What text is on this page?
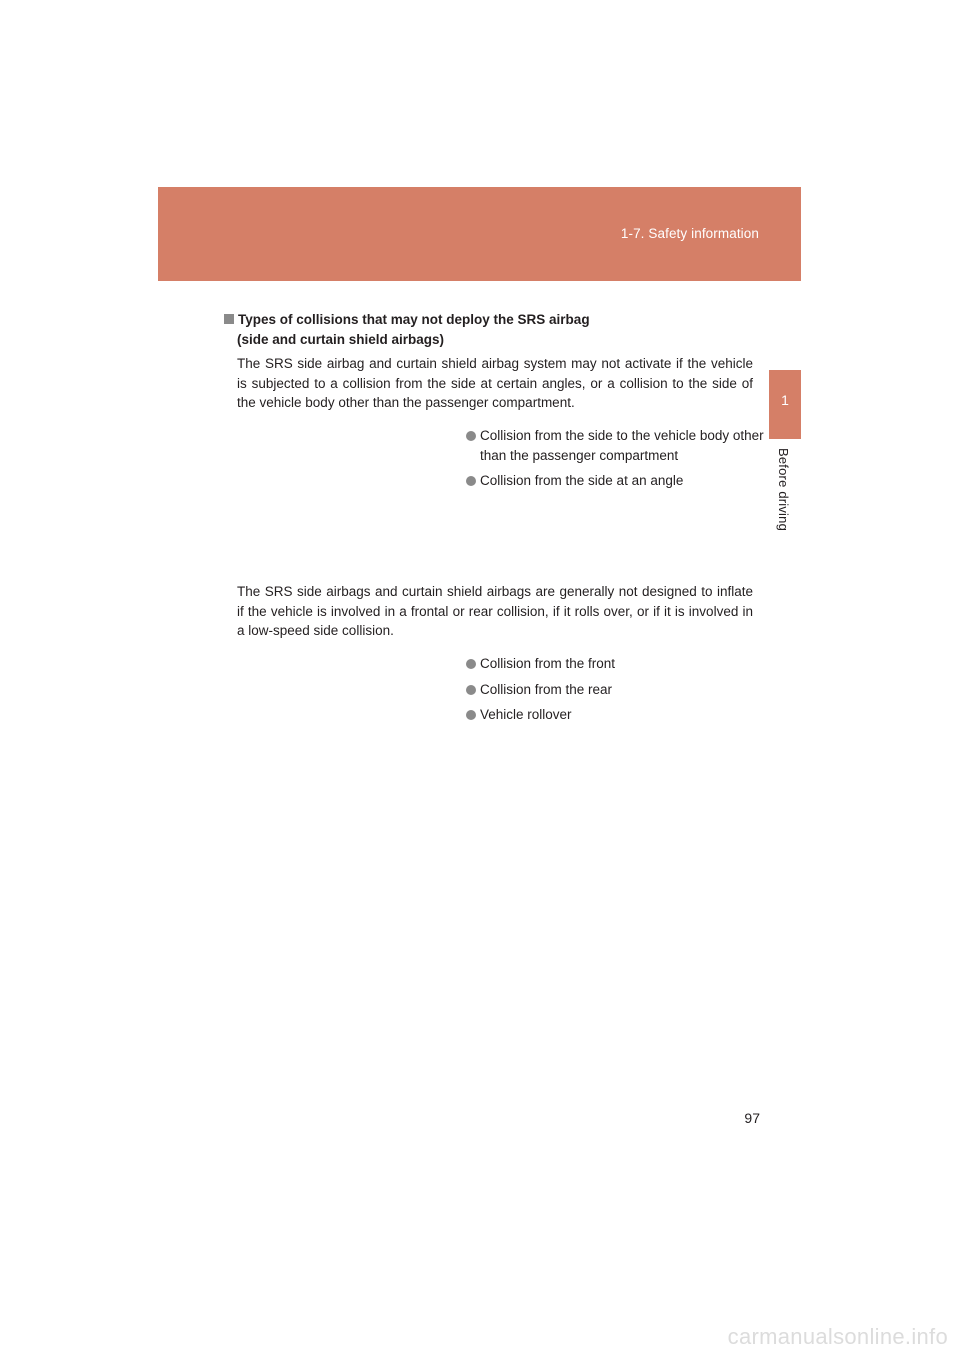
1-7. Safety information
1
Before driving
Types of collisions that may not deploy the SRS airbag
(side and curtain shield airbags)

The SRS side airbag and curtain shield airbag system may not activate if the vehicle is subjected to a collision from the side at certain angles, or a collision to the side of the vehicle body other than the passenger compartment.

Collision from the side to the vehicle body other than the passenger compartment
Collision from the side at an angle

The SRS side airbags and curtain shield airbags are generally not designed to inflate if the vehicle is involved in a frontal or rear collision, if it rolls over, or if it is involved in a low-speed side collision.

Collision from the front
Collision from the rear
Vehicle rollover
97
carmanualsonline.info
